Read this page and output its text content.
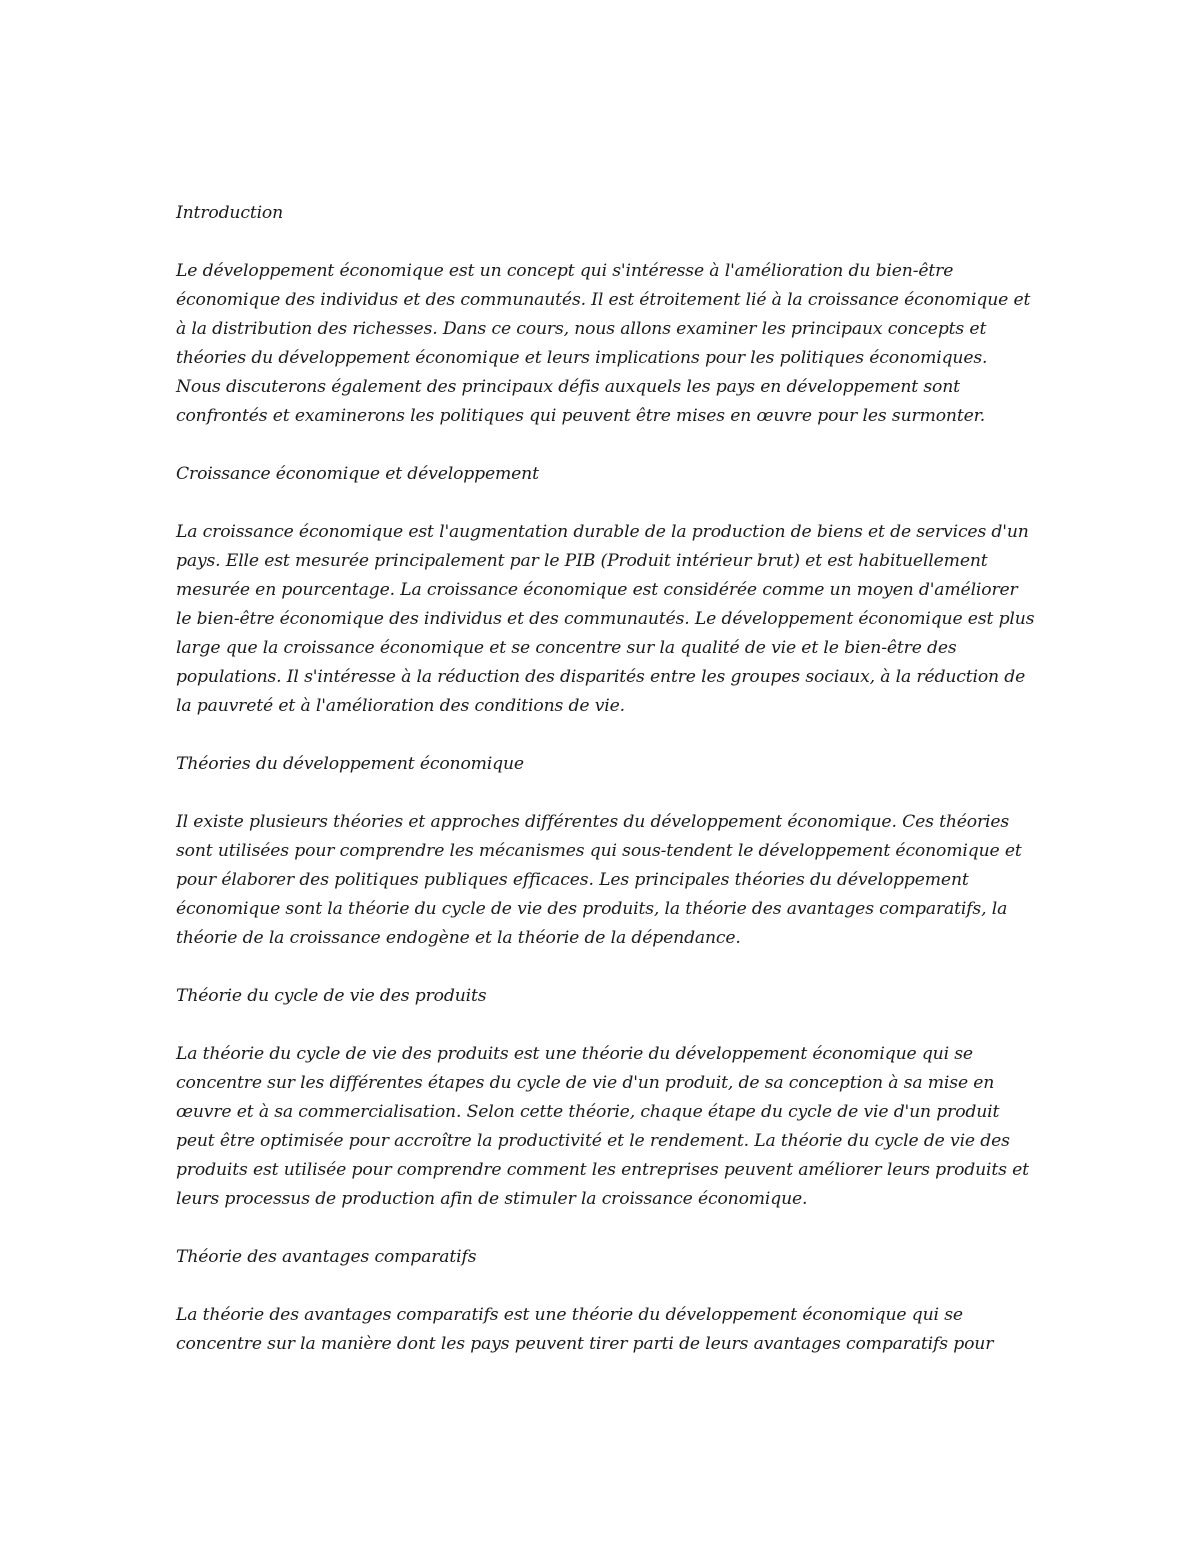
Introduction

Le développement économique est un concept qui s'intéresse à l'amélioration du bien-être économique des individus et des communautés. Il est étroitement lié à la croissance économique et à la distribution des richesses. Dans ce cours, nous allons examiner les principaux concepts et théories du développement économique et leurs implications pour les politiques économiques. Nous discuterons également des principaux défis auxquels les pays en développement sont confrontés et examinerons les politiques qui peuvent être mises en œuvre pour les surmonter.

Croissance économique et développement

La croissance économique est l'augmentation durable de la production de biens et de services d'un pays. Elle est mesurée principalement par le PIB (Produit intérieur brut) et est habituellement mesurée en pourcentage. La croissance économique est considérée comme un moyen d'améliorer le bien-être économique des individus et des communautés. Le développement économique est plus large que la croissance économique et se concentre sur la qualité de vie et le bien-être des populations. Il s'intéresse à la réduction des disparités entre les groupes sociaux, à la réduction de la pauvreté et à l'amélioration des conditions de vie.

Théories du développement économique

Il existe plusieurs théories et approches différentes du développement économique. Ces théories sont utilisées pour comprendre les mécanismes qui sous-tendent le développement économique et pour élaborer des politiques publiques efficaces. Les principales théories du développement économique sont la théorie du cycle de vie des produits, la théorie des avantages comparatifs, la théorie de la croissance endogène et la théorie de la dépendance.

Théorie du cycle de vie des produits

La théorie du cycle de vie des produits est une théorie du développement économique qui se concentre sur les différentes étapes du cycle de vie d'un produit, de sa conception à sa mise en œuvre et à sa commercialisation. Selon cette théorie, chaque étape du cycle de vie d'un produit peut être optimisée pour accroître la productivité et le rendement. La théorie du cycle de vie des produits est utilisée pour comprendre comment les entreprises peuvent améliorer leurs produits et leurs processus de production afin de stimuler la croissance économique.

Théorie des avantages comparatifs

La théorie des avantages comparatifs est une théorie du développement économique qui se concentre sur la manière dont les pays peuvent tirer parti de leurs avantages comparatifs pour
